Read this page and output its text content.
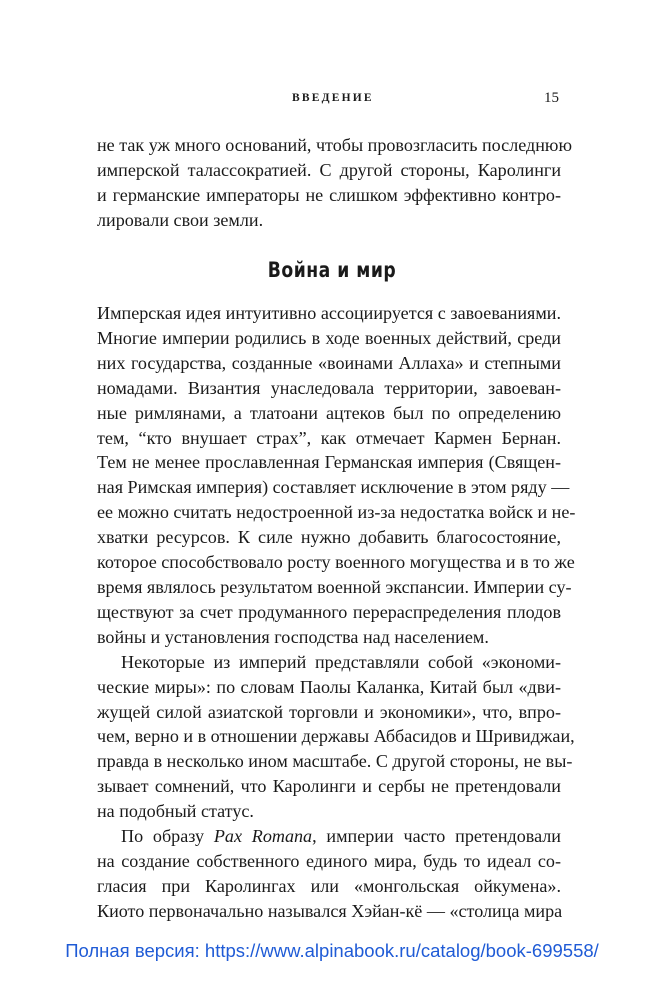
ВВЕДЕНИЕ	15
не так уж много оснований, чтобы провозгласить последнюю
имперской талассократией. С другой стороны, Каролинги
и германские императоры не слишком эффективно контро-
лировали свои земли.
Война и мир
Имперская идея интуитивно ассоциируется с завоеваниями.
Многие империи родились в ходе военных действий, среди
них государства, созданные «воинами Аллаха» и степными
номадами. Византия унаследовала территории, завоеван-
ные римлянами, а тлатоани ацтеков был по определению
тем, “кто внушает страх”, как отмечает Кармен Бернан.
Тем не менее прославленная Германская империя (Священ-
ная Римская империя) составляет исключение в этом ряду —
ее можно считать недостроенной из-за недостатка войск и не-
хватки ресурсов. К силе нужно добавить благосостояние,
которое способствовало росту военного могущества и в то же
время являлось результатом военной экспансии. Империи су-
ществуют за счет продуманного перераспределения плодов
войны и установления господства над населением.
Некоторые из империй представляли собой «экономи-
ческие миры»: по словам Паолы Каланка, Китай был «дви-
жущей силой азиатской торговли и экономики», что, впро-
чем, верно и в отношении державы Аббасидов и Шривиджаи,
правда в несколько ином масштабе. С другой стороны, не вы-
зывает сомнений, что Каролинги и сербы не претендовали
на подобный статус.
По образу Pax Romana, империи часто претендовали
на создание собственного единого мира, будь то идеал со-
гласия при Каролингах или «монгольская ойкумена».
Киото первоначально назывался Хэйан-кё — «столица мира
Полная версия: https://www.alpinabook.ru/catalog/book-699558/
